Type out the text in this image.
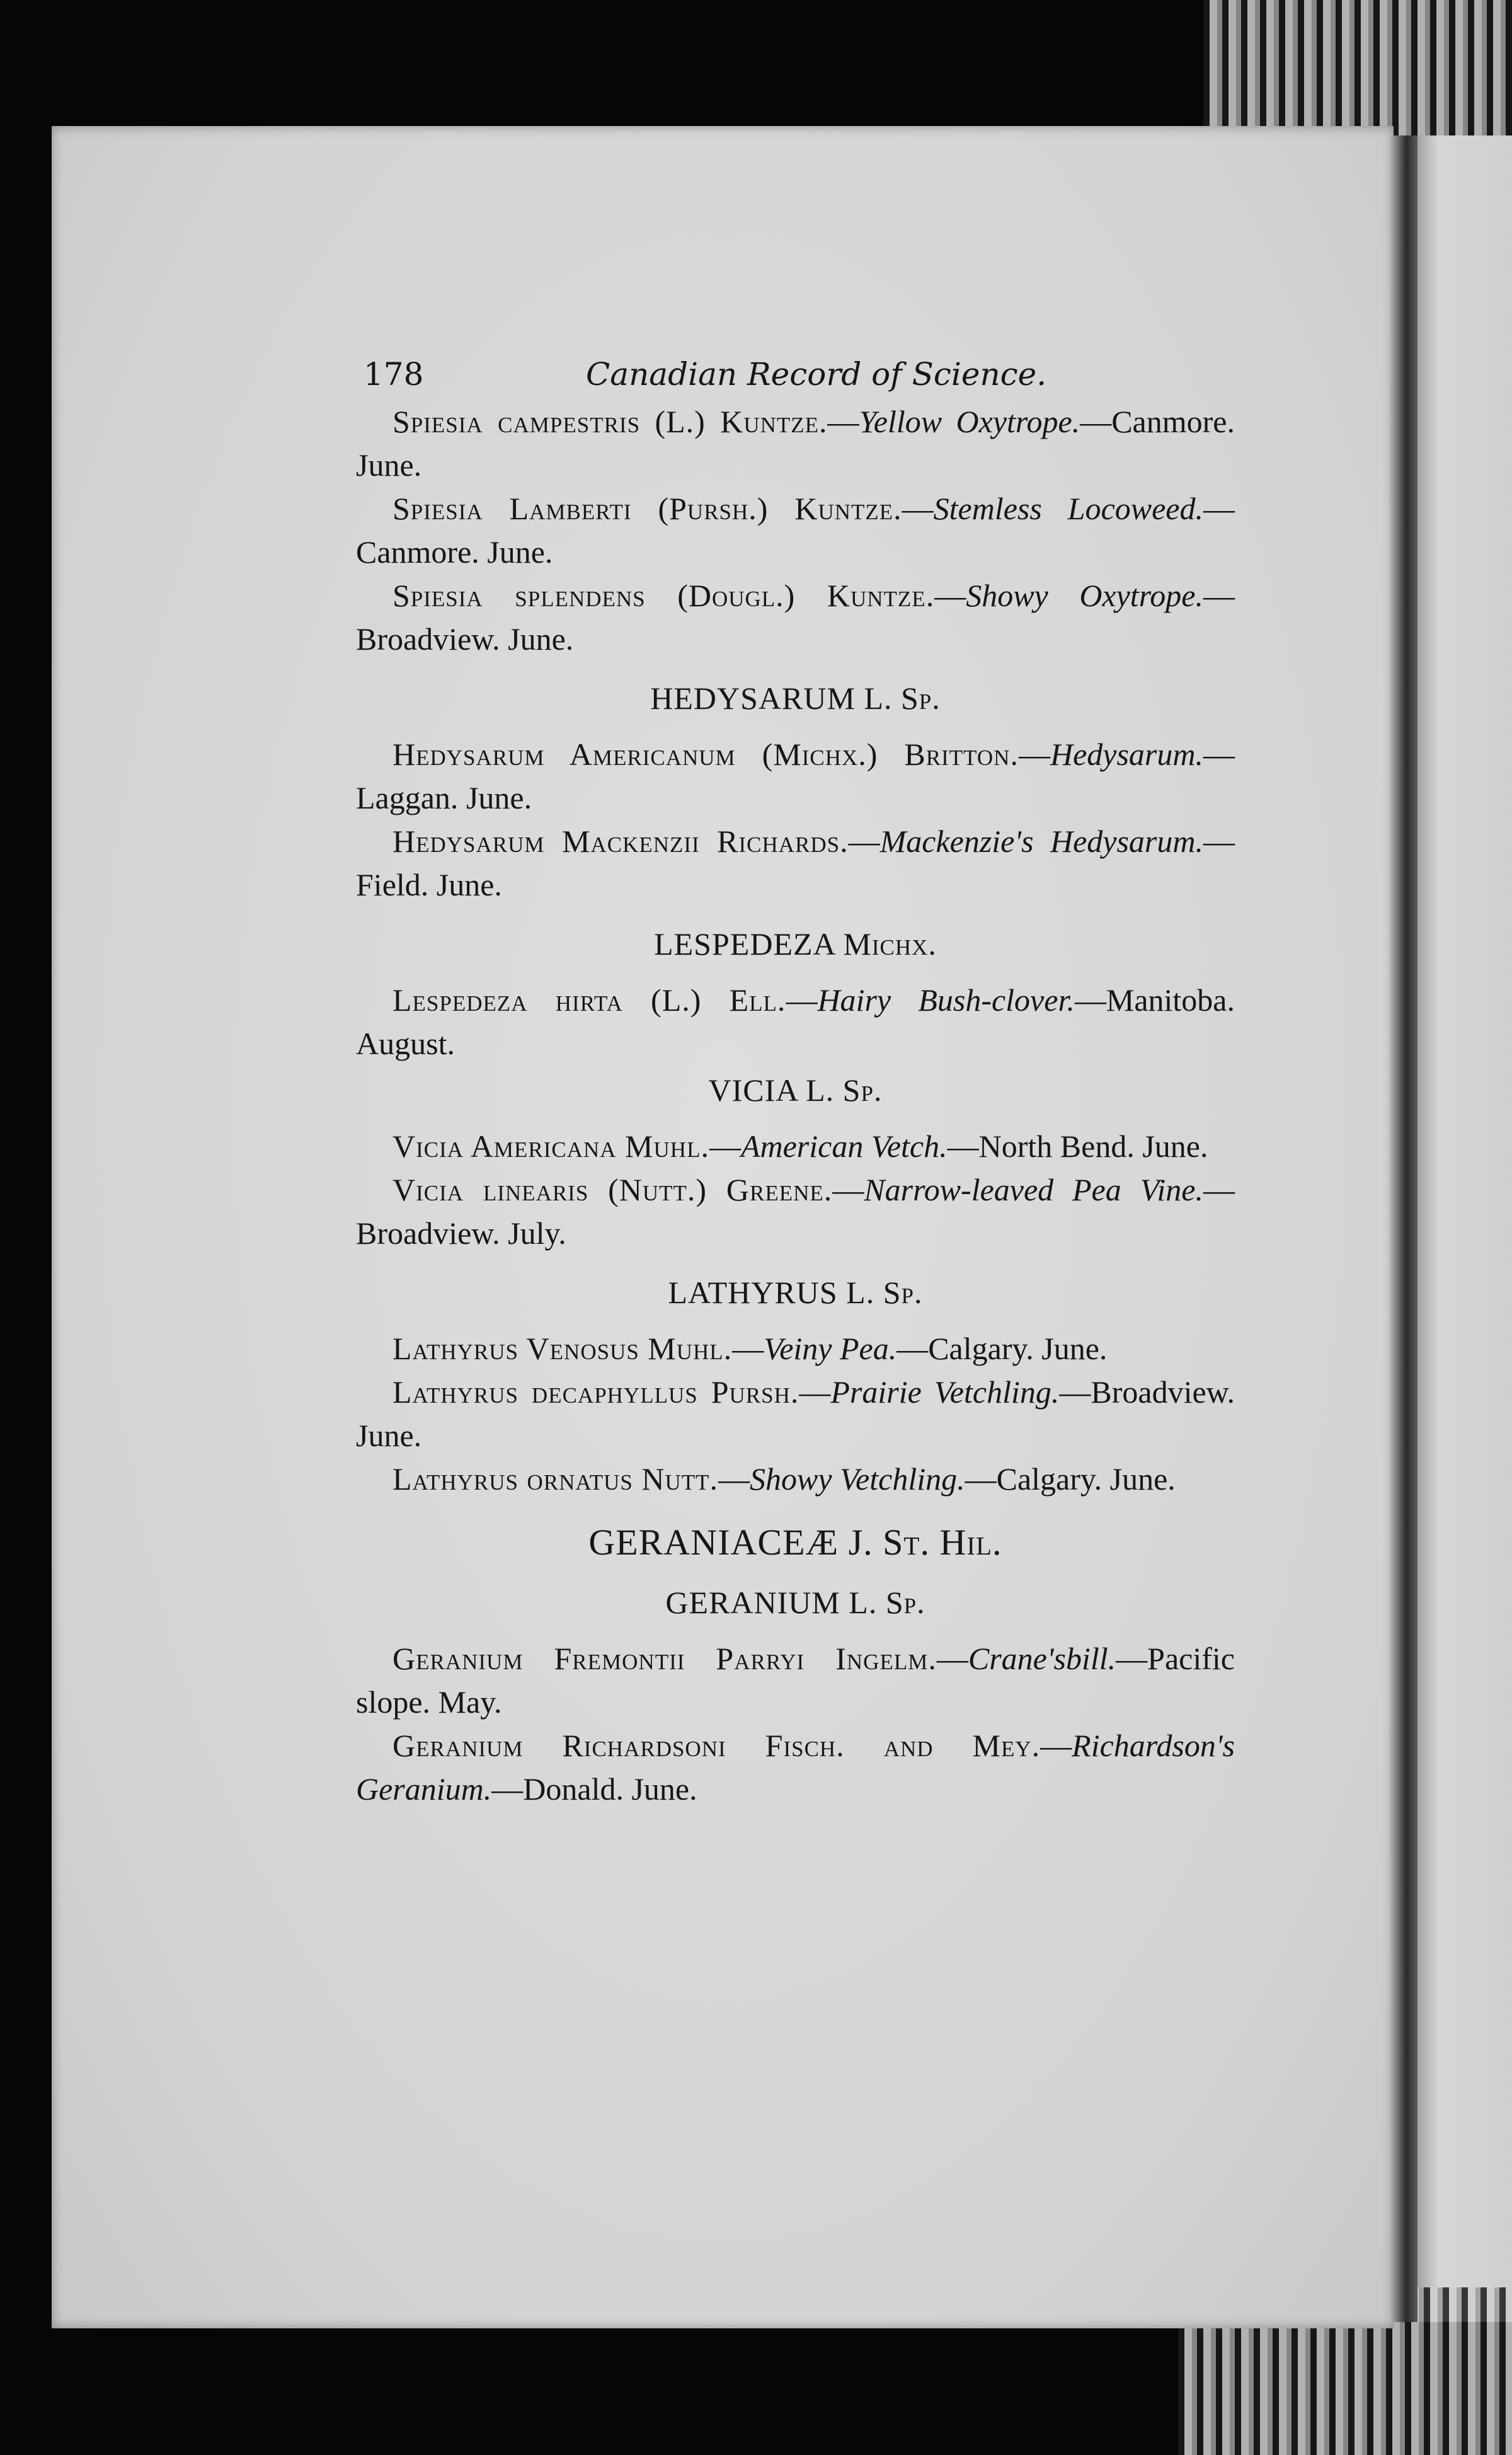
178	Canadian Record of Science.

Spiesia campestris (L.) Kuntze.—Yellow Oxytrope.—Canmore. June.

Spiesia Lamberti (Pursh.) Kuntze.—Stemless Locoweed.—Canmore. June.

Spiesia splendens (Dougl.) Kuntze.—Showy Oxytrope.—Broadview. June.

HEDYSARUM L. Sp.

Hedysarum Americanum (Michx.) Britton.—Hedysarum.—Laggan. June.

Hedysarum Mackenzii Richards.—Mackenzie's Hedysarum.—Field. June.

LESPEDEZA Michx.

Lespedeza hirta (L.) Ell.—Hairy Bush-clover.—Manitoba. August.

VICIA L. Sp.

Vicia Americana Muhl.—American Vetch.—North Bend. June.

Vicia linearis (Nutt.) Greene.—Narrow-leaved Pea Vine.—Broadview. July.

LATHYRUS L. Sp.

Lathyrus Venosus Muhl.—Veiny Pea.—Calgary. June.

Lathyrus decaphyllus Pursh.—Prairie Vetchling.—Broadview. June.

Lathyrus ornatus Nutt.—Showy Vetchling.—Calgary. June.

GERANIACEÆ J. St. Hil.
GERANIUM L. Sp.

Geranium Fremontii Parryi Ingelm.—Crane'sbill.—Pacific slope. May.

Geranium Richardsoni Fisch. and Mey.—Richardson's Geranium.—Donald. June.
